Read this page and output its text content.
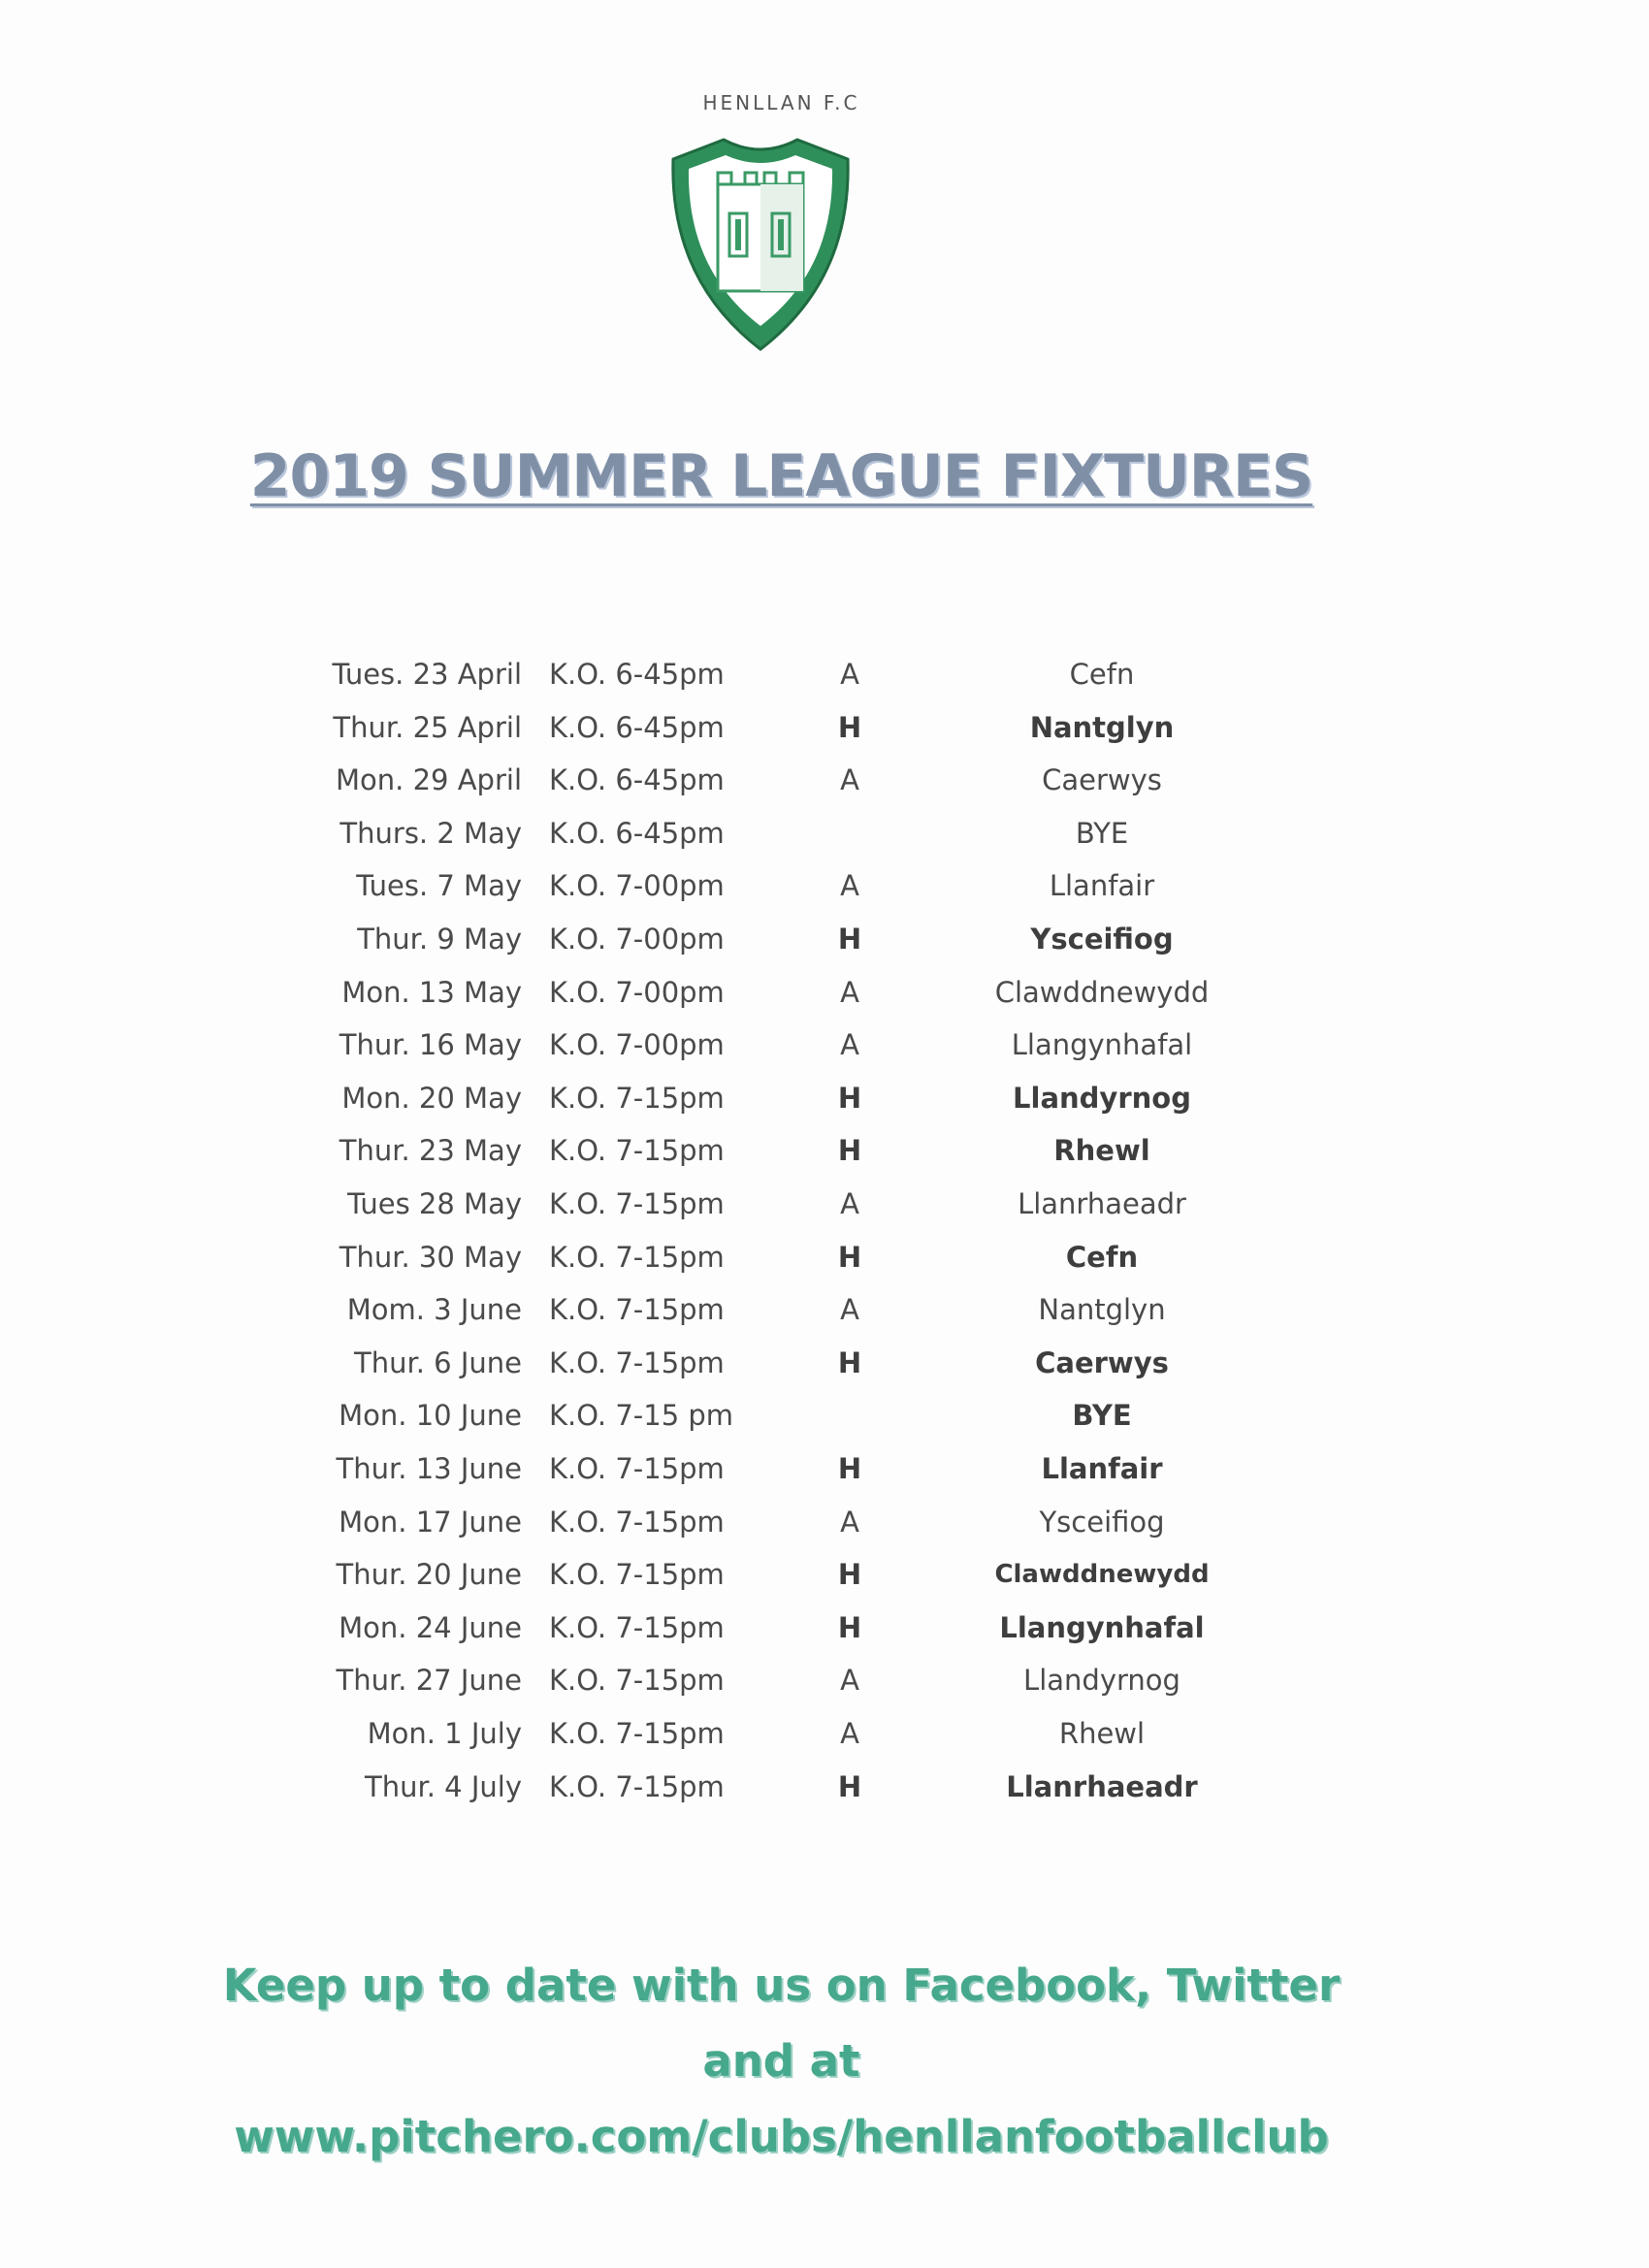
HENLLAN F.C
2019 SUMMER LEAGUE FIXTURES
Tues. 23 April K.O. 6-45pm	A	Cefn
Thur. 25 April K.O. 6-45pm	H	Nantglyn
Mon. 29 April K.O. 6-45pm	A	Caerwys
Thurs. 2 May K.O. 6-45pm	BYE
Tues. 7 May K.O. 7-00pm	A	Llanfair
Thur. 9 May K.O. 7-00pm	H	Ysceifiog
Mon. 13 May K.O. 7-00pm	A	Clawddnewydd
Thur. 16 May K.O. 7-00pm	A	Llangynhafal
Mon. 20 May K.O. 7-15pm	H	Llandyrnog
Thur. 23 May K.O. 7-15pm	H	Rhewl
Tues 28 May K.O. 7-15pm	A	Llanrhaeadr
Thur. 30 May K.O. 7-15pm	H	Cefn
Mom. 3 June K.O. 7-15pm	A	Nantglyn
Thur. 6 June K.O. 7-15pm	H	Caerwys
Mon. 10 June K.O. 7-15 pm	BYE
Thur. 13 June K.O. 7-15pm	H	Llanfair
Mon. 17 June K.O. 7-15pm	A	Ysceifiog
Thur. 20 June K.O. 7-15pm	H	Clawddnewydd
Mon. 24 June K.O. 7-15pm	H	Llangynhafal
Thur. 27 June K.O. 7-15pm	A	Llandyrnog
Mon. 1 July K.O. 7-15pm	A	Rhewl
Thur. 4 July K.O. 7-15pm	H	Llanrhaeadr
Keep up to date with us on Facebook, Twitter
and at
www.pitchero.com/clubs/henllanfootballclub
